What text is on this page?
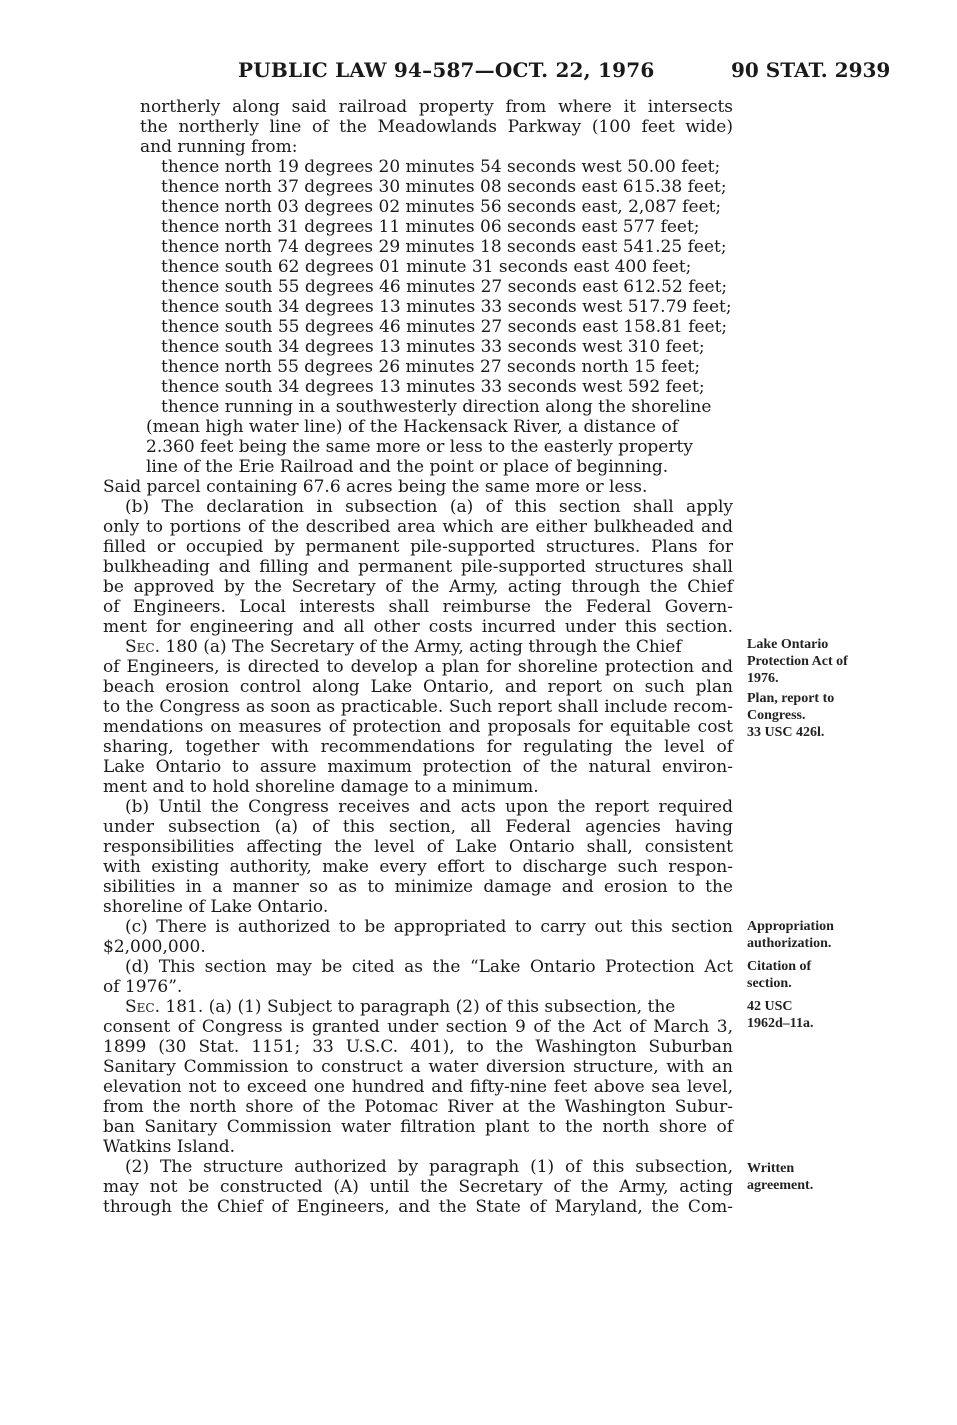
PUBLIC LAW 94–587—OCT. 22, 1976	90 STAT. 2939
northerly along said railroad property from where it intersects
the northerly line of the Meadowlands Parkway (100 feet wide)
and running from:
thence north 19 degrees 20 minutes 54 seconds west 50.00 feet;
thence north 37 degrees 30 minutes 08 seconds east 615.38 feet;
thence north 03 degrees 02 minutes 56 seconds east, 2,087 feet;
thence north 31 degrees 11 minutes 06 seconds east 577 feet;
thence north 74 degrees 29 minutes 18 seconds east 541.25 feet;
thence south 62 degrees 01 minute 31 seconds east 400 feet;
thence south 55 degrees 46 minutes 27 seconds east 612.52 feet;
thence south 34 degrees 13 minutes 33 seconds west 517.79 feet;
thence south 55 degrees 46 minutes 27 seconds east 158.81 feet;
thence south 34 degrees 13 minutes 33 seconds west 310 feet;
thence north 55 degrees 26 minutes 27 seconds north 15 feet;
thence south 34 degrees 13 minutes 33 seconds west 592 feet;
thence running in a southwesterly direction along the shoreline
(mean high water line) of the Hackensack River, a distance of
2.360 feet being the same more or less to the easterly property
line of the Erie Railroad and the point or place of beginning.
Said parcel containing 67.6 acres being the same more or less.
(b) The declaration in subsection (a) of this section shall apply
only to portions of the described area which are either bulkheaded and
filled or occupied by permanent pile-supported structures. Plans for
bulkheading and filling and permanent pile-supported structures shall
be approved by the Secretary of the Army, acting through the Chief
of Engineers. Local interests shall reimburse the Federal Govern-
ment for engineering and all other costs incurred under this section.
Sec. 180 (a) The Secretary of the Army, acting through the Chief
of Engineers, is directed to develop a plan for shoreline protection and
beach erosion control along Lake Ontario, and report on such plan
to the Congress as soon as practicable. Such report shall include recom-
mendations on measures of protection and proposals for equitable cost
sharing, together with recommendations for regulating the level of
Lake Ontario to assure maximum protection of the natural environ-
ment and to hold shoreline damage to a minimum.
(b) Until the Congress receives and acts upon the report required
under subsection (a) of this section, all Federal agencies having
responsibilities affecting the level of Lake Ontario shall, consistent
with existing authority, make every effort to discharge such respon-
sibilities in a manner so as to minimize damage and erosion to the
shoreline of Lake Ontario.
(c) There is authorized to be appropriated to carry out this section
$2,000,000.
(d) This section may be cited as the “Lake Ontario Protection Act
of 1976”.
Sec. 181. (a) (1) Subject to paragraph (2) of this subsection, the
consent of Congress is granted under section 9 of the Act of March 3,
1899 (30 Stat. 1151; 33 U.S.C. 401), to the Washington Suburban
Sanitary Commission to construct a water diversion structure, with an
elevation not to exceed one hundred and fifty-nine feet above sea level,
from the north shore of the Potomac River at the Washington Subur-
ban Sanitary Commission water filtration plant to the north shore of
Watkins Island.
(2) The structure authorized by paragraph (1) of this subsection,
may not be constructed (A) until the Secretary of the Army, acting
through the Chief of Engineers, and the State of Maryland, the Com-
Lake Ontario
Protection Act of
1976.
Plan, report to
Congress.
33 USC 426l.
Appropriation
authorization.
Citation of
section.
42 USC
1962d–11a.
Written
agreement.
